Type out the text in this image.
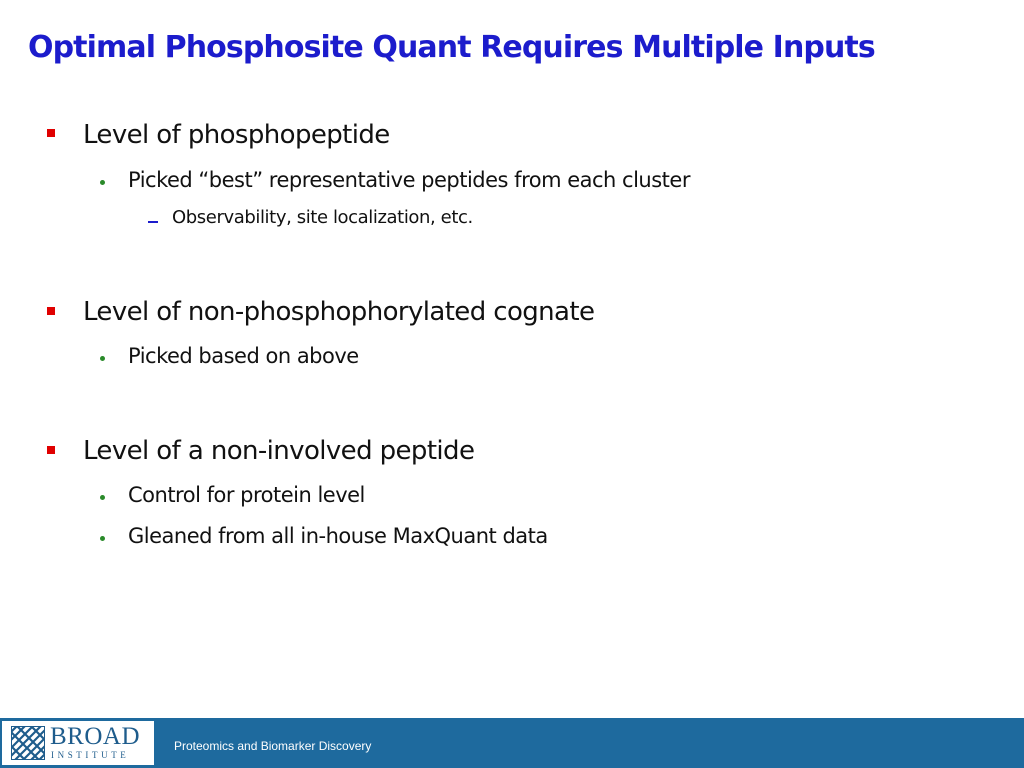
Optimal Phosphosite Quant Requires Multiple Inputs
Level of phosphopeptide
Picked “best” representative peptides from each cluster
Observability, site localization, etc.
Level of non-phosphophorylated cognate
Picked based on above
Level of a non-involved peptide
Control for protein level
Gleaned from all in-house MaxQuant data
BROAD
INSTITUTE
Proteomics and Biomarker Discovery
